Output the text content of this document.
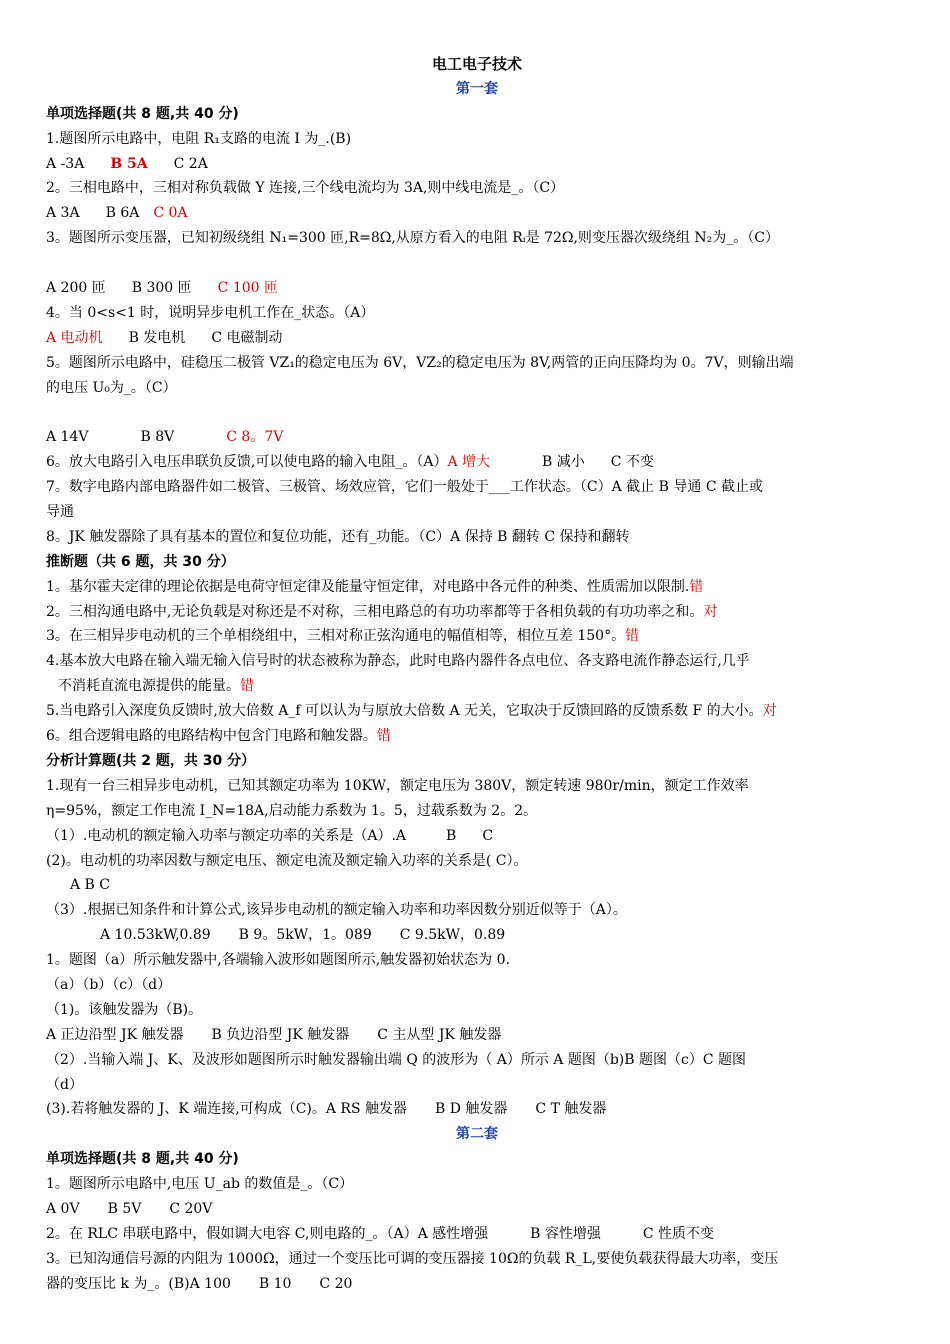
电工电子技术
第一套
单项选择题(共 8 题,共 40 分)
1.题图所示电路中，电阻 R₁支路的电流 I 为_.(B)
A -3A B 5A C 2A
2。三相电路中，三相对称负载做 Y 连接,三个线电流均为 3A,则中线电流是_。（C）
A 3A B 6A C 0A
3。题图所示变压器，已知初级绕组 N₁=300 匝,R=8Ω,从原方看入的电阻 Rᵢ是 72Ω,则变压器次级绕组 N₂为_。（C）
A 200 匝 B 300 匝 C 100 匝
4。当 0<s<1 时，说明异步电机工作在_状态。（A）
A 电动机 B 发电机 C 电磁制动
5。题图所示电路中，硅稳压二极管 VZ₁的稳定电压为 6V，VZ₂的稳定电压为 8V,两管的正向压降均为 0。7V，则输出端
的电压 U₀为_。（C）
A 14V	B 8V	C 8。7V
6。放大电路引入电压串联负反馈,可以使电路的输入电阻_。（A）A 增大	B 减小 C 不变
7。数字电路内部电路器件如二极管、三极管、场效应管，它们一般处于___工作状态。（C）A 截止 B 导通 C 截止或
导通
8。JK 触发器除了具有基本的置位和复位功能，还有_功能。（C）A 保持 B 翻转 C 保持和翻转
推断题（共 6 题，共 30 分）
1。基尔霍夫定律的理论依据是电荷守恒定律及能量守恒定律，对电路中各元件的种类、性质需加以限制.错
2。三相沟通电路中,无论负载是对称还是不对称，三相电路总的有功功率都等于各相负载的有功功率之和。对
3。在三相异步电动机的三个单相绕组中，三相对称正弦沟通电的幅值相等，相位互差 150°。错
4.基本放大电路在输入端无输入信号时的状态被称为静态，此时电路内器件各点电位、各支路电流作静态运行,几乎
不消耗直流电源提供的能量。错
5.当电路引入深度负反馈时,放大倍数 A_f 可以认为与原放大倍数 A 无关，它取决于反馈回路的反馈系数 F 的大小。对
6。组合逻辑电路的电路结构中包含门电路和触发器。错
分析计算题(共 2 题，共 30 分）
1.现有一台三相异步电动机，已知其额定功率为 10KW，额定电压为 380V，额定转速 980r/min，额定工作效率
η=95%，额定工作电流 I_N=18A,启动能力系数为 1。5，过载系数为 2。2。
（1）.电动机的额定输入功率与额定功率的关系是（A）.A	B C
(2)。电动机的功率因数与额定电压、额定电流及额定输入功率的关系是( C）。
A B C
（3）.根据已知条件和计算公式,该异步电动机的额定输入功率和功率因数分别近似等于（A）。
A 10.53kW,0.89　　B 9。5kW，1。089　　C 9.5kW，0.89
1。题图（a）所示触发器中,各端输入波形如题图所示,触发器初始状态为 0.
（a）（b）（c）（d）
（1)。该触发器为（B)。
A 正边沿型 JK 触发器　　B 负边沿型 JK 触发器　　C 主从型 JK 触发器
（2）.当输入端 J、K、及波形如题图所示时触发器输出端 Q 的波形为（ A）所示 A 题图（b)B 题图（c）C 题图
（d）
(3).若将触发器的 J、K 端连接,可构成（C)。A RS 触发器　　B D 触发器　　C T 触发器
第二套
单项选择题(共 8 题,共 40 分)
1。题图所示电路中,电压 U_ab 的数值是_。（C）
A 0V　　B 5V　　C 20V
2。在 RLC 串联电路中，假如调大电容 C,则电路的_。（A）A 感性增强　　　B 容性增强　　　C 性质不变
3。已知沟通信号源的内阻为 1000Ω，通过一个变压比可调的变压器接 10Ω的负载 R_L,要使负载获得最大功率，变压
器的变压比 k 为_。(B)A 100　　B 10　　C 20
